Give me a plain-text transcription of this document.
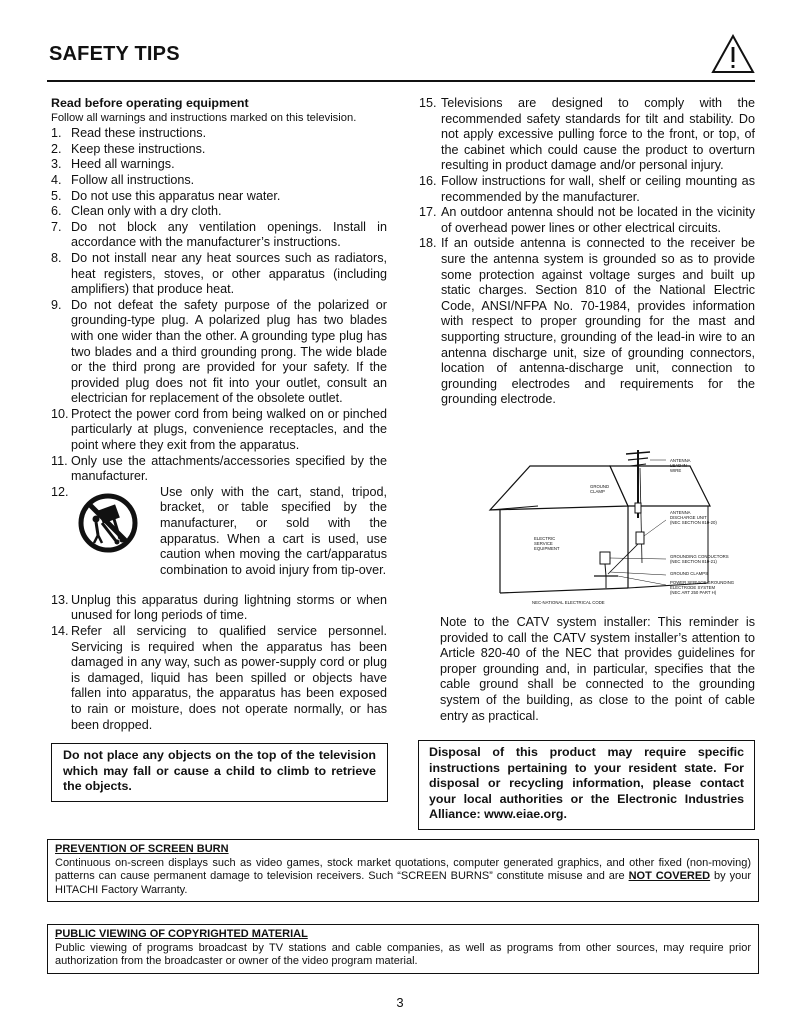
SAFETY TIPS
Read before operating equipment
Follow all warnings and instructions marked on this television.
1. Read these instructions.
2. Keep these instructions.
3. Heed all warnings.
4. Follow all instructions.
5. Do not use this apparatus near water.
6. Clean only with a dry cloth.
7. Do not block any ventilation openings. Install in accordance with the manufacturer’s instructions.
8. Do not install near any heat sources such as radiators, heat registers, stoves, or other apparatus (including amplifiers) that produce heat.
9. Do not defeat the safety purpose of the polarized or grounding-type plug. A polarized plug has two blades with one wider than the other. A grounding type plug has two blades and a third grounding prong. The wide blade or the third prong are provided for your safety. If the provided plug does not fit into your outlet, consult an electrician for replacement of the obsolete outlet.
10. Protect the power cord from being walked on or pinched particularly at plugs, convenience receptacles, and the point where they exit from the apparatus.
11. Only use the attachments/accessories specified by the manufacturer.
12.	Use only with the cart, stand, tripod, bracket, or table specified by the manufacturer, or sold with the apparatus. When a cart is used, use caution when moving the cart/apparatus combination to avoid injury from tip-over.
13. Unplug this apparatus during lightning storms or when unused for long periods of time.
14. Refer all servicing to qualified service personnel. Servicing is required when the apparatus has been damaged in any way, such as power-supply cord or plug is damaged, liquid has been spilled or objects have fallen into apparatus, the apparatus has been exposed to rain or moisture, does not operate normally, or has been dropped.
Do not place any objects on the top of the television which may fall or cause a child to climb to retrieve the objects.
15. Televisions are designed to comply with the recommended safety standards for tilt and stability. Do not apply excessive pulling force to the front, or top, of the cabinet which could cause the product to overturn resulting in product damage and/or personal injury.
16. Follow instructions for wall, shelf or ceiling mounting as recommended by the manufacturer.
17. An outdoor antenna should not be located in the vicinity of overhead power lines or other electrical circuits.
18. If an outside antenna is connected to the receiver be sure the antenna system is grounded so as to provide some protection against voltage surges and built up static charges. Section 810 of the National Electric Code, ANSI/NFPA No. 70-1984, provides information with respect to proper grounding for the mast and supporting structure, grounding of the lead-in wire to an antenna discharge unit, size of grounding connectors, location of antenna-discharge unit, connection to grounding electrodes and requirements for the grounding electrode.
ANTENNA LEAD IN WIRE
GROUND CLAMP
ANTENNA DISCHARGE UNIT (NEC SECTION 810-20)
ELECTRIC SERVICE EQUIPMENT
GROUNDING CONDUCTORS (NEC SECTION 810-21)
GROUND CLAMPS
POWER SERVICE GROUNDING ELECTRODE SYSTEM (NEC ART 250 PART H)
NEC-NATIONAL ELECTRICAL CODE
Note to the CATV system installer: This reminder is provided to call the CATV system installer’s attention to Article 820-40 of the NEC that provides guidelines for proper grounding and, in particular, specifies that the cable ground shall be connected to the grounding system of the building, as close to the point of cable entry as practical.
Disposal of this product may require specific instructions pertaining to your resident state. For disposal or recycling information, please contact your local authorities or the Electronic Industries Alliance: www.eiae.org.
PREVENTION OF SCREEN BURN
Continuous on-screen displays such as video games, stock market quotations, computer generated graphics, and other fixed (non-moving) patterns can cause permanent damage to television receivers. Such “SCREEN BURNS” constitute misuse and are NOT COVERED by your HITACHI Factory Warranty.
PUBLIC VIEWING OF COPYRIGHTED MATERIAL
Public viewing of programs broadcast by TV stations and cable companies, as well as programs from other sources, may require prior authorization from the broadcaster or owner of the video program material.
3
